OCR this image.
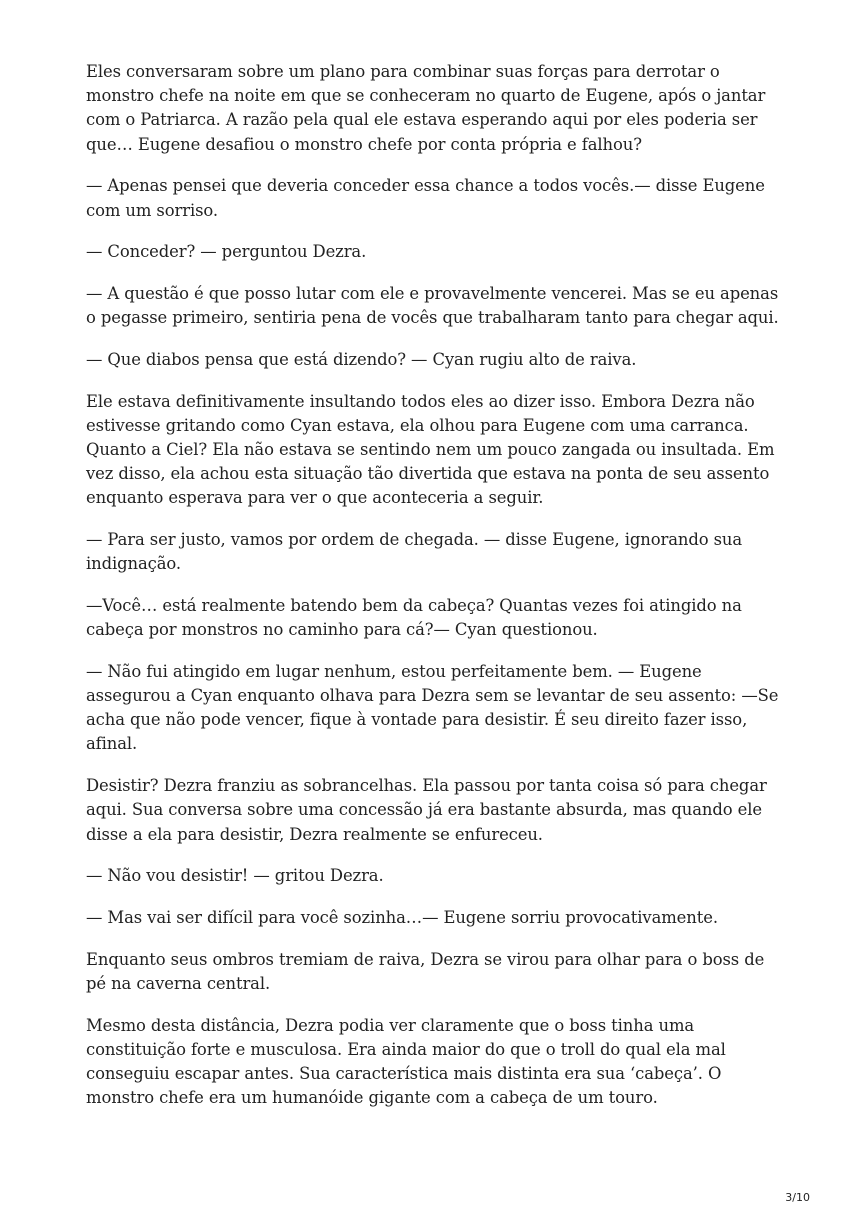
Eles conversaram sobre um plano para combinar suas forças para derrotar o monstro chefe na noite em que se conheceram no quarto de Eugene, após o jantar com o Patriarca. A razão pela qual ele estava esperando aqui por eles poderia ser que… Eugene desafiou o monstro chefe por conta própria e falhou?

— Apenas pensei que deveria conceder essa chance a todos vocês.— disse Eugene com um sorriso.

— Conceder? — perguntou Dezra.

— A questão é que posso lutar com ele e provavelmente vencerei. Mas se eu apenas o pegasse primeiro, sentiria pena de vocês que trabalharam tanto para chegar aqui.

— Que diabos pensa que está dizendo? — Cyan rugiu alto de raiva.

Ele estava definitivamente insultando todos eles ao dizer isso. Embora Dezra não estivesse gritando como Cyan estava, ela olhou para Eugene com uma carranca. Quanto a Ciel? Ela não estava se sentindo nem um pouco zangada ou insultada. Em vez disso, ela achou esta situação tão divertida que estava na ponta de seu assento enquanto esperava para ver o que aconteceria a seguir.

— Para ser justo, vamos por ordem de chegada. — disse Eugene, ignorando sua indignação.

—Você… está realmente batendo bem da cabeça? Quantas vezes foi atingido na cabeça por monstros no caminho para cá?— Cyan questionou.

— Não fui atingido em lugar nenhum, estou perfeitamente bem. — Eugene assegurou a Cyan enquanto olhava para Dezra sem se levantar de seu assento: —Se acha que não pode vencer, fique à vontade para desistir. É seu direito fazer isso, afinal.

Desistir? Dezra franziu as sobrancelhas. Ela passou por tanta coisa só para chegar aqui. Sua conversa sobre uma concessão já era bastante absurda, mas quando ele disse a ela para desistir, Dezra realmente se enfureceu.

— Não vou desistir! — gritou Dezra.

— Mas vai ser difícil para você sozinha…— Eugene sorriu provocativamente.

Enquanto seus ombros tremiam de raiva, Dezra se virou para olhar para o boss de pé na caverna central.

Mesmo desta distância, Dezra podia ver claramente que o boss tinha uma constituição forte e musculosa. Era ainda maior do que o troll do qual ela mal conseguiu escapar antes. Sua característica mais distinta era sua ‘cabeça’. O monstro chefe era um humanóide gigante com a cabeça de um touro.

3/10
